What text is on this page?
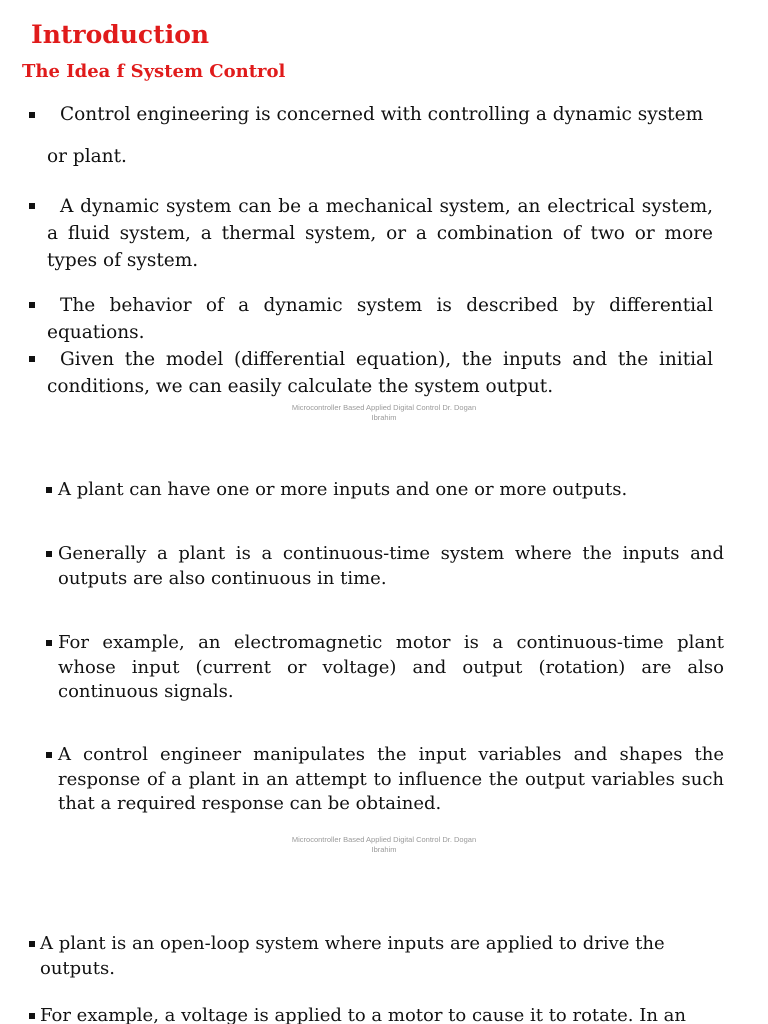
Introduction
The Idea f System Control

Control engineering is concerned with controlling a dynamic system

or plant.

A dynamic system can be a mechanical system, an electrical system, a fluid system, a thermal system, or a combination of two or more types of system.

The behavior of a dynamic system is described by differential equations.

Given the model (differential equation), the inputs and the initial conditions, we can easily calculate the system output.

Microcontroller Based Applied Digital Control Dr. Dogan
Ibrahim

A plant can have one or more inputs and one or more outputs.

Generally a plant is a continuous-time system where the inputs and outputs are also continuous in time.

For example, an electromagnetic motor is a continuous-time plant whose input (current or voltage) and output (rotation) are also continuous signals.

A control engineer manipulates the input variables and shapes the response of a plant in an attempt to influence the output variables such that a required response can be obtained.

Microcontroller Based Applied Digital Control Dr. Dogan
Ibrahim

A plant is an open-loop system where inputs are applied to drive the outputs.

For example, a voltage is applied to a motor to cause it to rotate. In an
